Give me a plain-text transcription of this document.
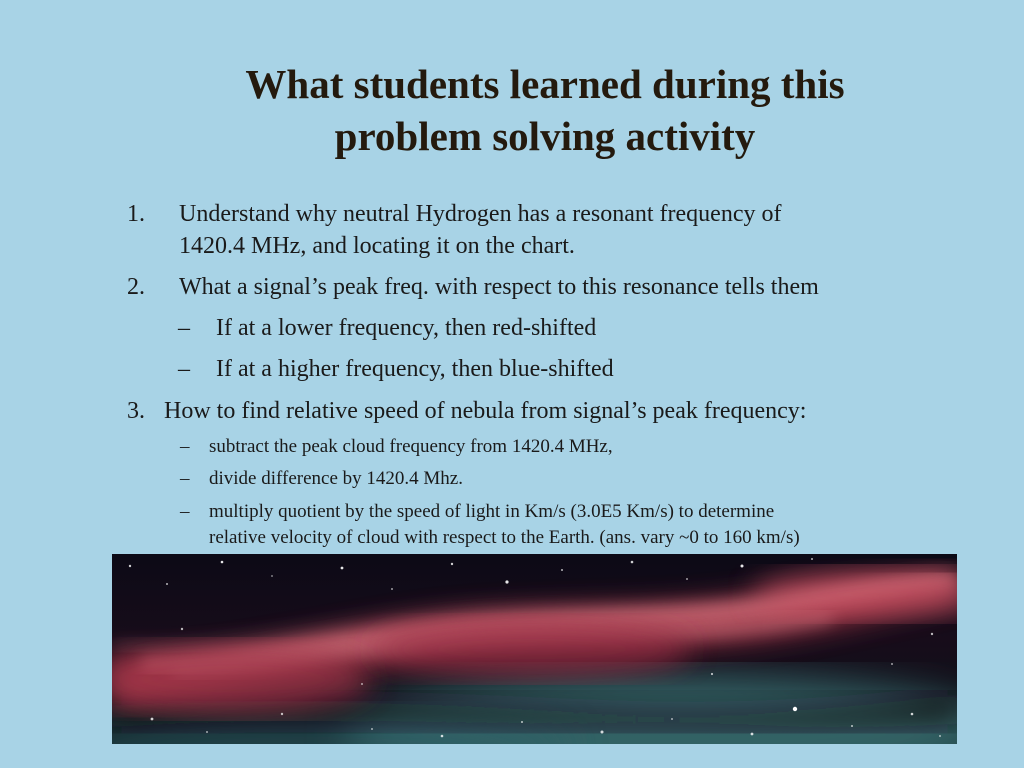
What students learned during this
problem solving activity
1. Understand why neutral Hydrogen has a resonant frequency of
1420.4 MHz, and locating it on the chart.
2. What a signal’s peak freq. with respect to this resonance tells them
– If at a lower frequency, then red-shifted
– If at a higher frequency, then blue-shifted
3. How to find relative speed of nebula from signal’s peak frequency:
– subtract the peak cloud frequency from 1420.4 MHz,
– divide difference by 1420.4 Mhz.
– multiply quotient by the speed of light in Km/s (3.0E5 Km/s) to determine
relative velocity of cloud with respect to the Earth. (ans. vary ~0 to 160 km/s)
